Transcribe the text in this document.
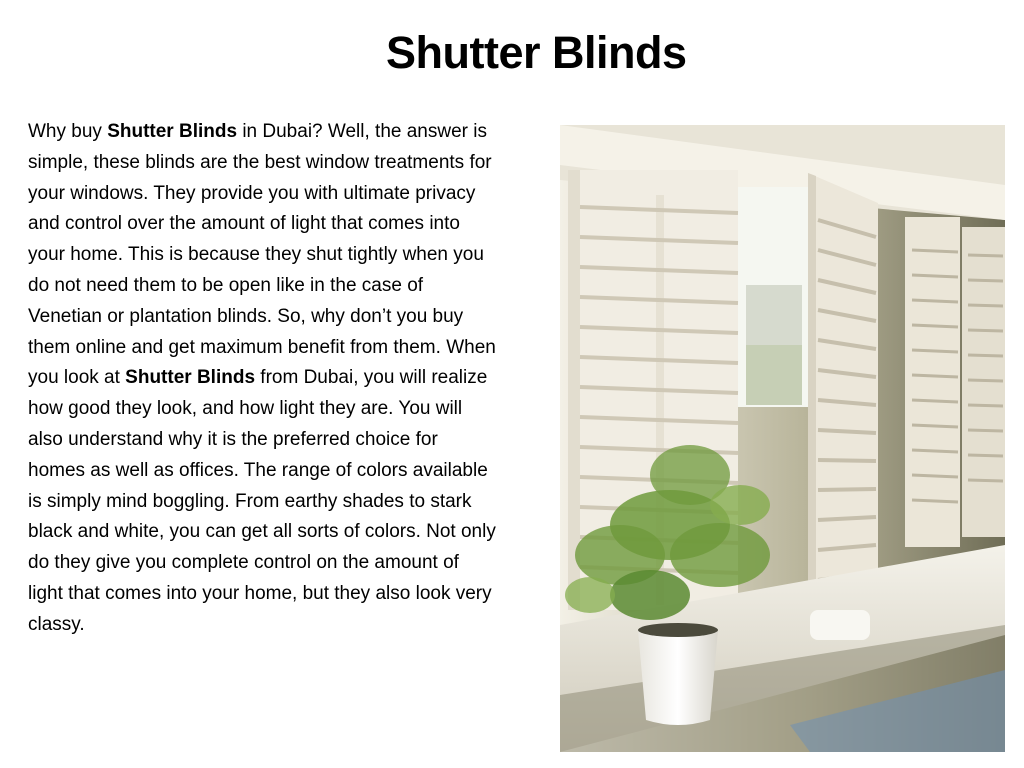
Shutter Blinds
Why buy Shutter Blinds in Dubai? Well, the answer is simple, these blinds are the best window treatments for your windows. They provide you with ultimate privacy and control over the amount of light that comes into your home. This is because they shut tightly when you do not need them to be open like in the case of Venetian or plantation blinds. So, why don’t you buy them online and get maximum benefit from them. When you look at Shutter Blinds from Dubai, you will realize how good they look, and how light they are. You will also understand why it is the preferred choice for homes as well as offices. The range of colors available is simply mind boggling. From earthy shades to stark black and white, you can get all sorts of colors. Not only do they give you complete control on the amount of light that comes into your home, but they also look very classy.
